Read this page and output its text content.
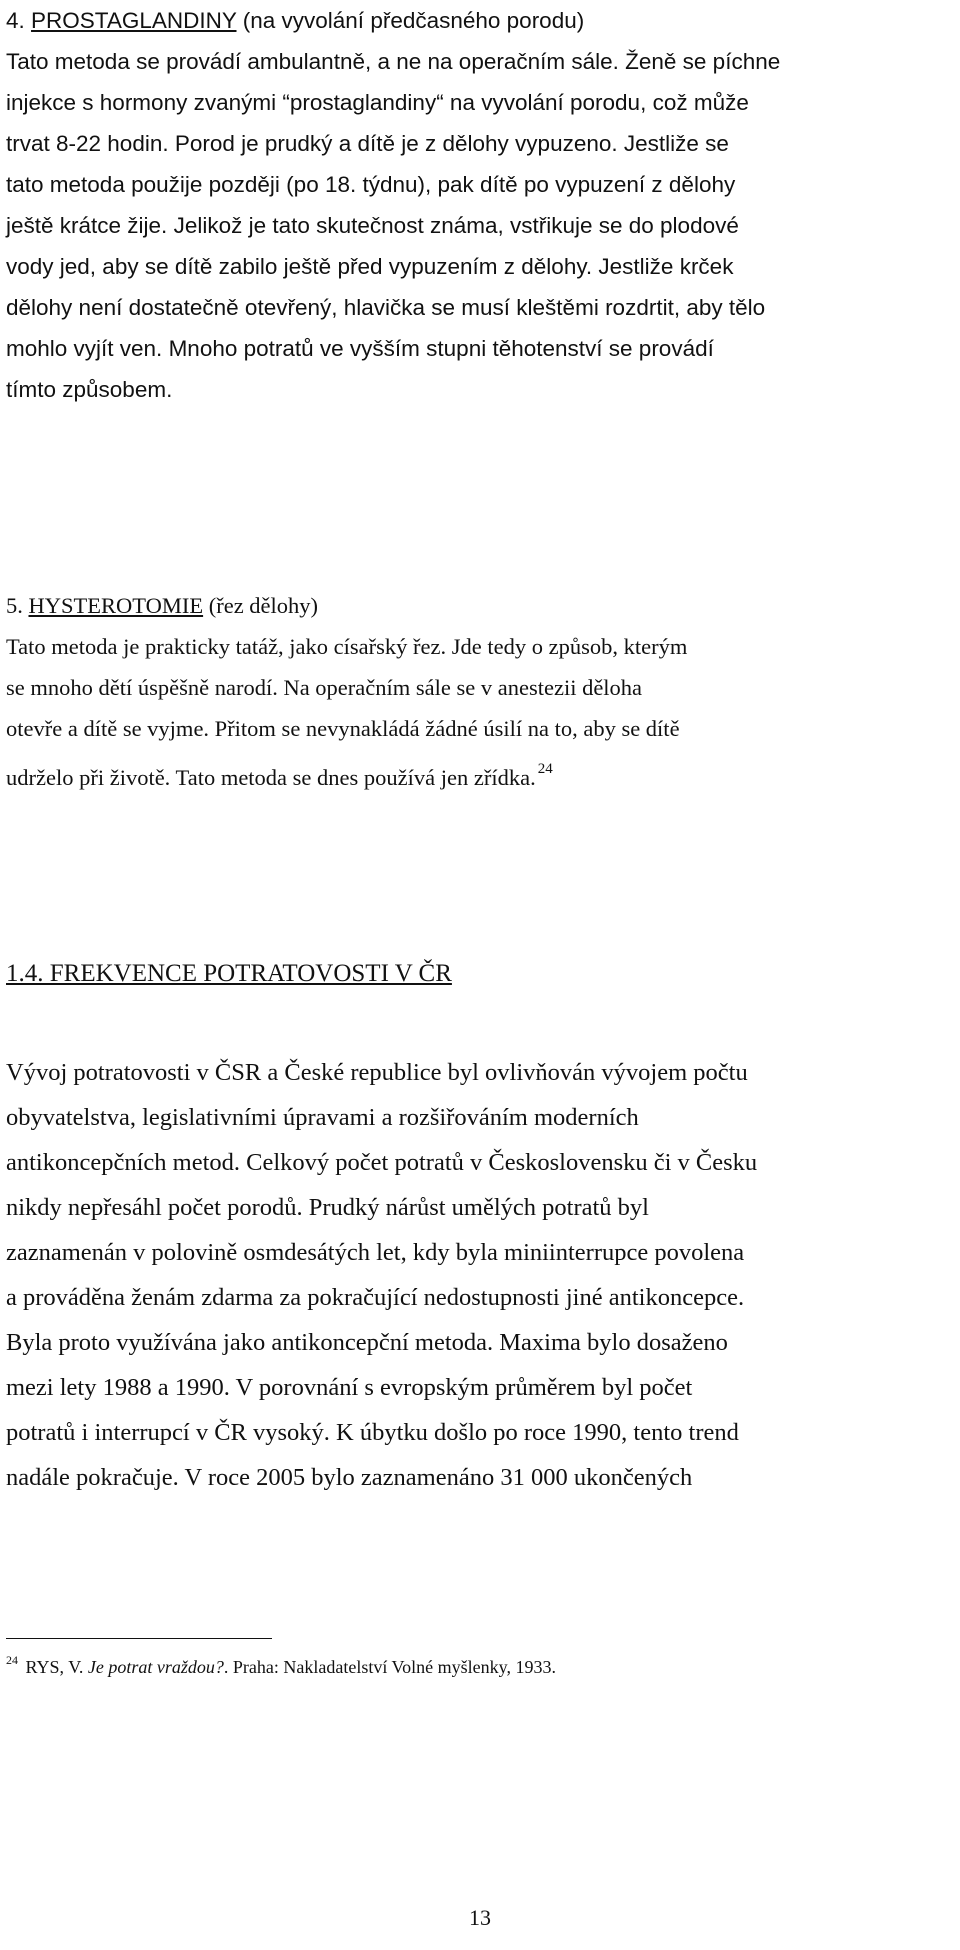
4. PROSTAGLANDINY (na vyvolání předčasného porodu)
Tato metoda se provádí ambulantně, a ne na operačním sále. Ženě se píchne
injekce s hormony zvanými “prostaglandiny“ na vyvolání porodu, což může
trvat 8-22 hodin. Porod je prudký a dítě je z dělohy vypuzeno. Jestliže se
tato metoda použije později (po 18. týdnu), pak dítě po vypuzení z dělohy
ještě krátce žije. Jelikož je tato skutečnost známa, vstřikuje se do plodové
vody jed, aby se dítě zabilo ještě před vypuzením z dělohy. Jestliže krček
dělohy není dostatečně otevřený, hlavička se musí kleštěmi rozdrtit, aby tělo
mohlo vyjít ven. Mnoho potratů ve vyšším stupni těhotenství se provádí
tímto způsobem.
5. HYSTEROTOMIE (řez dělohy)
Tato metoda je prakticky tatáž, jako císařský řez. Jde tedy o způsob, kterým
se mnoho dětí úspěšně narodí. Na operačním sále se v anestezii děloha
otevře a dítě se vyjme. Přitom se nevynakládá žádné úsilí na to, aby se dítě
udrželo při životě. Tato metoda se dnes používá jen zřídka. $^{24}$
1.4. FREKVENCE POTRATOVOSTI V ČR
Vývoj potratovosti v ČSR a České republice byl ovlivňován vývojem počtu
obyvatelstva, legislativními úpravami a rozšiřováním moderních
antikoncepčních metod. Celkový počet potratů v Československu či v Česku
nikdy nepřesáhl počet porodů. Prudký nárůst umělých potratů byl
zaznamenán v polovině osmdesátých let, kdy byla miniinterrupce povolena
a prováděna ženám zdarma za pokračující nedostupnosti jiné antikoncepce.
Byla proto využívána jako antikoncepční metoda. Maxima bylo dosaženo
mezi lety 1988 a 1990. V porovnání s evropským průměrem byl počet
potratů i interrupcí v ČR vysoký. K úbytku došlo po roce 1990, tento trend
nadále pokračuje. V roce 2005 bylo zaznamenáno 31 000 ukončených
$^{24}$ RYS, V. Je potrat vraždou?. Praha: Nakladatelství Volné myšlenky, 1933.
13
